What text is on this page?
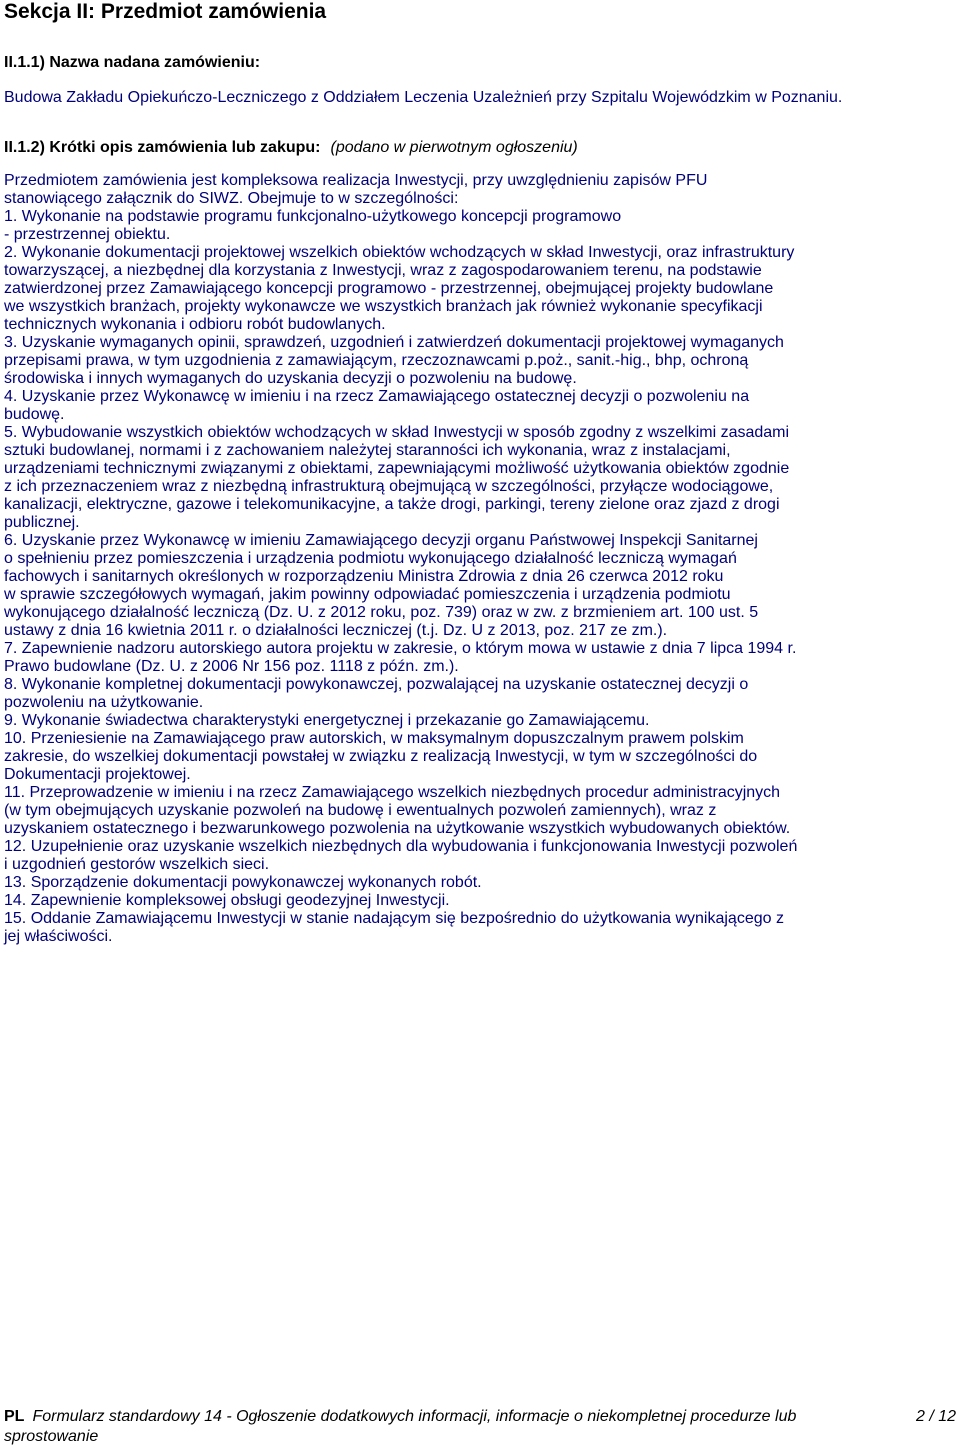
Sekcja II: Przedmiot zamówienia
II.1.1) Nazwa nadana zamówieniu:
Budowa Zakładu Opiekuńczo-Leczniczego z Oddziałem Leczenia Uzależnień przy Szpitalu Wojewódzkim w Poznaniu.
II.1.2) Krótki opis zamówienia lub zakupu: (podano w pierwotnym ogłoszeniu)
Przedmiotem zamówienia jest kompleksowa realizacja Inwestycji, przy uwzględnieniu zapisów PFU
stanowiącego załącznik do SIWZ. Obejmuje to w szczególności:
1. Wykonanie na podstawie programu funkcjonalno-użytkowego koncepcji programowo
- przestrzennej obiektu.
2. Wykonanie dokumentacji projektowej wszelkich obiektów wchodzących w skład Inwestycji, oraz infrastruktury
towarzyszącej, a niezbędnej dla korzystania z Inwestycji, wraz z zagospodarowaniem terenu, na podstawie
zatwierdzonej przez Zamawiającego koncepcji programowo - przestrzennej, obejmującej projekty budowlane
we wszystkich branżach, projekty wykonawcze we wszystkich branżach jak również wykonanie specyfikacji
technicznych wykonania i odbioru robót budowlanych.
3. Uzyskanie wymaganych opinii, sprawdzeń, uzgodnień i zatwierdzeń dokumentacji projektowej wymaganych
przepisami prawa, w tym uzgodnienia z zamawiającym, rzeczoznawcami p.poż., sanit.-hig., bhp, ochroną
środowiska i innych wymaganych do uzyskania decyzji o pozwoleniu na budowę.
4. Uzyskanie przez Wykonawcę w imieniu i na rzecz Zamawiającego ostatecznej decyzji o pozwoleniu na
budowę.
5. Wybudowanie wszystkich obiektów wchodzących w skład Inwestycji w sposób zgodny z wszelkimi zasadami
sztuki budowlanej, normami i z zachowaniem należytej staranności ich wykonania, wraz z instalacjami,
urządzeniami technicznymi związanymi z obiektami, zapewniającymi możliwość użytkowania obiektów zgodnie
z ich przeznaczeniem wraz z niezbędną infrastrukturą obejmującą w szczególności, przyłącze wodociągowe,
kanalizacji, elektryczne, gazowe i telekomunikacyjne, a także drogi, parkingi, tereny zielone oraz zjazd z drogi
publicznej.
6. Uzyskanie przez Wykonawcę w imieniu Zamawiającego decyzji organu Państwowej Inspekcji Sanitarnej
o spełnieniu przez pomieszczenia i urządzenia podmiotu wykonującego działalność leczniczą wymagań
fachowych i sanitarnych określonych w rozporządzeniu Ministra Zdrowia z dnia 26 czerwca 2012 roku
w sprawie szczegółowych wymagań, jakim powinny odpowiadać pomieszczenia i urządzenia podmiotu
wykonującego działalność leczniczą (Dz. U. z 2012 roku, poz. 739) oraz w zw. z brzmieniem art. 100 ust. 5
ustawy z dnia 16 kwietnia 2011 r. o działalności leczniczej (t.j. Dz. U z 2013, poz. 217 ze zm.).
7. Zapewnienie nadzoru autorskiego autora projektu w zakresie, o którym mowa w ustawie z dnia 7 lipca 1994 r.
Prawo budowlane (Dz. U. z 2006 Nr 156 poz. 1118 z późn. zm.).
8. Wykonanie kompletnej dokumentacji powykonawczej, pozwalającej na uzyskanie ostatecznej decyzji o
pozwoleniu na użytkowanie.
9. Wykonanie świadectwa charakterystyki energetycznej i przekazanie go Zamawiającemu.
10. Przeniesienie na Zamawiającego praw autorskich, w maksymalnym dopuszczalnym prawem polskim
zakresie, do wszelkiej dokumentacji powstałej w związku z realizacją Inwestycji, w tym w szczególności do
Dokumentacji projektowej.
11. Przeprowadzenie w imieniu i na rzecz Zamawiającego wszelkich niezbędnych procedur administracyjnych
(w tym obejmujących uzyskanie pozwoleń na budowę i ewentualnych pozwoleń zamiennych), wraz z
uzyskaniem ostatecznego i bezwarunkowego pozwolenia na użytkowanie wszystkich wybudowanych obiektów.
12. Uzupełnienie oraz uzyskanie wszelkich niezbędnych dla wybudowania i funkcjonowania Inwestycji pozwoleń
i uzgodnień gestorów wszelkich sieci.
13. Sporządzenie dokumentacji powykonawczej wykonanych robót.
14. Zapewnienie kompleksowej obsługi geodezyjnej Inwestycji.
15. Oddanie Zamawiającemu Inwestycji w stanie nadającym się bezpośrednio do użytkowania wynikającego z
jej właściwości.
PL Formularz standardowy 14 - Ogłoszenie dodatkowych informacji, informacje o niekompletnej procedurze lub sprostowanie
2 / 12
